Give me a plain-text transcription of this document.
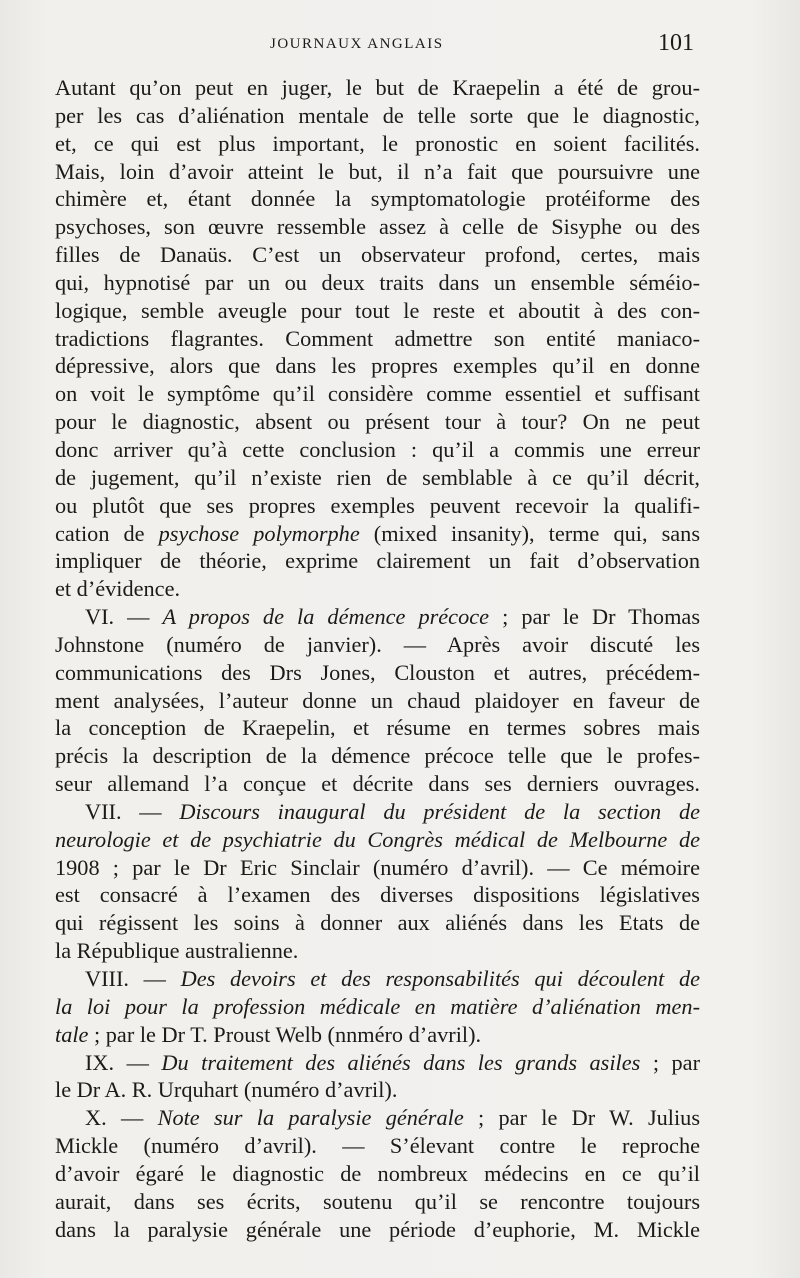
JOURNAUX ANGLAIS	101
Autant qu’on peut en juger, le but de Kraepelin a été de grou-
per les cas d’aliénation mentale de telle sorte que le diagnostic,
et, ce qui est plus important, le pronostic en soient facilités.
Mais, loin d’avoir atteint le but, il n’a fait que poursuivre une
chimère et, étant donnée la symptomatologie protéiforme des
psychoses, son œuvre ressemble assez à celle de Sisyphe ou des
filles de Danaüs. C’est un observateur profond, certes, mais
qui, hypnotisé par un ou deux traits dans un ensemble séméio-
logique, semble aveugle pour tout le reste et aboutit à des con-
tradictions flagrantes. Comment admettre son entité maniaco-
dépressive, alors que dans les propres exemples qu’il en donne
on voit le symptôme qu’il considère comme essentiel et suffisant
pour le diagnostic, absent ou présent tour à tour? On ne peut
donc arriver qu’à cette conclusion : qu’il a commis une erreur
de jugement, qu’il n’existe rien de semblable à ce qu’il décrit,
ou plutôt que ses propres exemples peuvent recevoir la qualifi-
cation de psychose polymorphe (mixed insanity), terme qui, sans
impliquer de théorie, exprime clairement un fait d’observation
et d’évidence.
VI. — A propos de la démence précoce ; par le Dr Thomas
Johnstone (numéro de janvier). — Après avoir discuté les
communications des Drs Jones, Clouston et autres, précédem-
ment analysées, l’auteur donne un chaud plaidoyer en faveur de
la conception de Kraepelin, et résume en termes sobres mais
précis la description de la démence précoce telle que le profes-
seur allemand l’a conçue et décrite dans ses derniers ouvrages.
VII. — Discours inaugural du président de la section de
neurologie et de psychiatrie du Congrès médical de Melbourne de
1908 ; par le Dr Eric Sinclair (numéro d’avril). — Ce mémoire
est consacré à l’examen des diverses dispositions législatives
qui régissent les soins à donner aux aliénés dans les Etats de
la République australienne.
VIII. — Des devoirs et des responsabilités qui découlent de
la loi pour la profession médicale en matière d’aliénation men-
tale ; par le Dr T. Proust Welb (nnméro d’avril).
IX. — Du traitement des aliénés dans les grands asiles ; par
le Dr A. R. Urquhart (numéro d’avril).
X. — Note sur la paralysie générale ; par le Dr W. Julius
Mickle (numéro d’avril). — S’élevant contre le reproche
d’avoir égaré le diagnostic de nombreux médecins en ce qu’il
aurait, dans ses écrits, soutenu qu’il se rencontre toujours
dans la paralysie générale une période d’euphorie, M. Mickle
